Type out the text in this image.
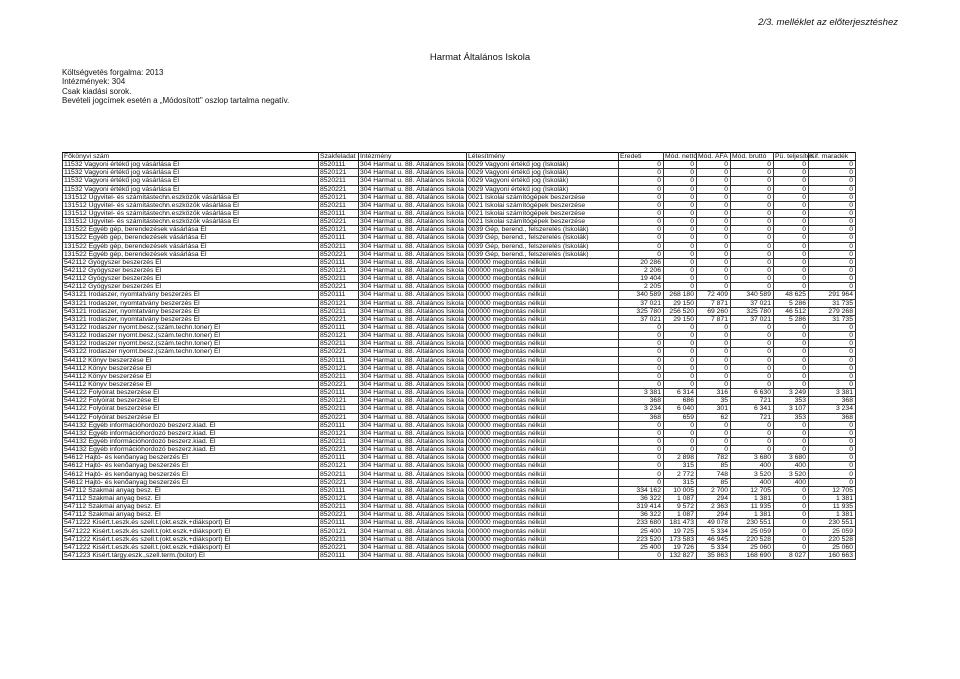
2/3. melléklet az előterjesztéshez
Harmat Általános Iskola
Költségvetés forgalma: 2013
Intézmények: 304
Csak kiadási sorok.
Bevételi jogcímek esetén a „Módosított" oszlop tartalma negatív.
Főkönyvi szám	Szakfeladat	Intézmény	Létesítmény	Eredeti	Mód. nettó	Mód. ÁFA	Mód. bruttó	Pü. teljesítés	Kif. maradék
11532 Vagyoni értékű jog vásárlása El	8520111	304 Harmat u. 88. Általános Iskola	0029 Vagyoni értékű jog (Iskolák)	0	0	0	0	0	0
11532 Vagyoni értékű jog vásárlása El	8520121	304 Harmat u. 88. Általános Iskola	0029 Vagyoni értékű jog (Iskolák)	0	0	0	0	0	0
11532 Vagyoni értékű jog vásárlása El	8520211	304 Harmat u. 88. Általános Iskola	0029 Vagyoni értékű jog (Iskolák)	0	0	0	0	0	0
11532 Vagyoni értékű jog vásárlása El	8520221	304 Harmat u. 88. Általános Iskola	0029 Vagyoni értékű jog (Iskolák)	0	0	0	0	0	0
131512 Ügyvitel- és számítástechn.eszközök vásárlása El	8520121	304 Harmat u. 88. Általános Iskola	0021 Iskolai számítógépek beszerzése	0	0	0	0	0	0
131512 Ügyvitel- és számítástechn.eszközök vásárlása El	8520211	304 Harmat u. 88. Általános Iskola	0021 Iskolai számítógépek beszerzése	0	0	0	0	0	0
131512 Ügyvitel- és számítástechn.eszközök vásárlása El	8520111	304 Harmat u. 88. Általános Iskola	0021 Iskolai számítógépek beszerzése	0	0	0	0	0	0
131512 Ügyvitel- és számítástechn.eszközök vásárlása El	8520221	304 Harmat u. 88. Általános Iskola	0021 Iskolai számítógépek beszerzése	0	0	0	0	0	0
131522 Egyéb gép, berendezések vásárlása El	8520121	304 Harmat u. 88. Általános Iskola	0039 Gép, berend., felszerelés (Iskolák)	0	0	0	0	0	0
131522 Egyéb gép, berendezések vásárlása El	8520111	304 Harmat u. 88. Általános Iskola	0039 Gép, berend., felszerelés (Iskolák)	0	0	0	0	0	0
131522 Egyéb gép, berendezések vásárlása El	8520211	304 Harmat u. 88. Általános Iskola	0039 Gép, berend., felszerelés (Iskolák)	0	0	0	0	0	0
131522 Egyéb gép, berendezések vásárlása El	8520221	304 Harmat u. 88. Általános Iskola	0039 Gép, berend., felszerelés (Iskolák)	0	0	0	0	0	0
542112 Gyógyszer beszerzés El	8520111	304 Harmat u. 88. Általános Iskola	000000 megbontás nélkül	20 286	0	0	0	0	0
542112 Gyógyszer beszerzés El	8520121	304 Harmat u. 88. Általános Iskola	000000 megbontás nélkül	2 206	0	0	0	0	0
542112 Gyógyszer beszerzés El	8520211	304 Harmat u. 88. Általános Iskola	000000 megbontás nélkül	19 404	0	0	0	0	0
542112 Gyógyszer beszerzés El	8520221	304 Harmat u. 88. Általános Iskola	000000 megbontás nélkül	2 205	0	0	0	0	0
543121 Irodaszer, nyomtatvány beszerzés El	8520111	304 Harmat u. 88. Általános Iskola	000000 megbontás nélkül	340 589	268 180	72 409	340 589	48 625	291 964
543121 Irodaszer, nyomtatvány beszerzés El	8520121	304 Harmat u. 88. Általános Iskola	000000 megbontás nélkül	37 021	29 150	7 871	37 021	5 286	31 735
543121 Irodaszer, nyomtatvány beszerzés El	8520211	304 Harmat u. 88. Általános Iskola	000000 megbontás nélkül	325 780	256 520	69 260	325 780	46 512	279 268
543121 Irodaszer, nyomtatvány beszerzés El	8520221	304 Harmat u. 88. Általános Iskola	000000 megbontás nélkül	37 021	29 150	7 871	37 021	5 286	31 735
543122 Irodaszer nyomt.besz.(szám.techn.toner) El	8520111	304 Harmat u. 88. Általános Iskola	000000 megbontás nélkül	0	0	0	0	0	0
543122 Irodaszer nyomt.besz.(szám.techn.toner) El	8520121	304 Harmat u. 88. Általános Iskola	000000 megbontás nélkül	0	0	0	0	0	0
543122 Irodaszer nyomt.besz.(szám.techn.toner) El	8520211	304 Harmat u. 88. Általános Iskola	000000 megbontás nélkül	0	0	0	0	0	0
543122 Irodaszer nyomt.besz.(szám.techn.toner) El	8520221	304 Harmat u. 88. Általános Iskola	000000 megbontás nélkül	0	0	0	0	0	0
544112 Könyv beszerzése El	8520111	304 Harmat u. 88. Általános Iskola	000000 megbontás nélkül	0	0	0	0	0	0
544112 Könyv beszerzése El	8520121	304 Harmat u. 88. Általános Iskola	000000 megbontás nélkül	0	0	0	0	0	0
544112 Könyv beszerzése El	8520211	304 Harmat u. 88. Általános Iskola	000000 megbontás nélkül	0	0	0	0	0	0
544112 Könyv beszerzése El	8520221	304 Harmat u. 88. Általános Iskola	000000 megbontás nélkül	0	0	0	0	0	0
544122 Folyóirat beszerzése El	8520111	304 Harmat u. 88. Általános Iskola	000000 megbontás nélkül	3 381	6 314	316	6 630	3 249	3 381
544122 Folyóirat beszerzése El	8520121	304 Harmat u. 88. Általános Iskola	000000 megbontás nélkül	368	686	35	721	353	368
544122 Folyóirat beszerzése El	8520211	304 Harmat u. 88. Általános Iskola	000000 megbontás nélkül	3 234	6 040	301	6 341	3 107	3 234
544122 Folyóirat beszerzése El	8520221	304 Harmat u. 88. Általános Iskola	000000 megbontás nélkül	368	659	62	721	353	368
544132 Egyéb információhordozó beszerz.kiad. El	8520111	304 Harmat u. 88. Általános Iskola	000000 megbontás nélkül	0	0	0	0	0	0
544132 Egyéb információhordozó beszerz.kiad. El	8520121	304 Harmat u. 88. Általános Iskola	000000 megbontás nélkül	0	0	0	0	0	0
544132 Egyéb információhordozó beszerz.kiad. El	8520211	304 Harmat u. 88. Általános Iskola	000000 megbontás nélkül	0	0	0	0	0	0
544132 Egyéb információhordozó beszerz.kiad. El	8520221	304 Harmat u. 88. Általános Iskola	000000 megbontás nélkül	0	0	0	0	0	0
54612 Hajtó- és kenőanyag beszerzés El	8520111	304 Harmat u. 88. Általános Iskola	000000 megbontás nélkül	0	2 898	782	3 680	3 680	0
54612 Hajtó- és kenőanyag beszerzés El	8520121	304 Harmat u. 88. Általános Iskola	000000 megbontás nélkül	0	315	85	400	400	0
54612 Hajtó- és kenőanyag beszerzés El	8520211	304 Harmat u. 88. Általános Iskola	000000 megbontás nélkül	0	2 772	748	3 520	3 520	0
54612 Hajtó- és kenőanyag beszerzés El	8520221	304 Harmat u. 88. Általános Iskola	000000 megbontás nélkül	0	315	85	400	400	0
547112 Szakmai anyag besz. El	8520111	304 Harmat u. 88. Általános Iskola	000000 megbontás nélkül	334 162	10 005	2 700	12 705	0	12 705
547112 Szakmai anyag besz. El	8520121	304 Harmat u. 88. Általános Iskola	000000 megbontás nélkül	36 322	1 087	294	1 381	0	1 381
547112 Szakmai anyag besz. El	8520211	304 Harmat u. 88. Általános Iskola	000000 megbontás nélkül	319 414	9 572	2 363	11 935	0	11 935
547112 Szakmai anyag besz. El	8520221	304 Harmat u. 88. Általános Iskola	000000 megbontás nélkül	36 322	1 087	294	1 381	0	1 381
5471222 Kisért.t.eszk.és szell.t.(okt.eszk.+diáksport) El	8520111	304 Harmat u. 88. Általános Iskola	000000 megbontás nélkül	233 680	181 473	49 078	230 551	0	230 551
5471222 Kisért.t.eszk.és szell.t.(okt.eszk.+diáksport) El	8520121	304 Harmat u. 88. Általános Iskola	000000 megbontás nélkül	25 400	19 725	5 334	25 059	0	25 059
5471222 Kisért.t.eszk.és szell.t.(okt.eszk.+diáksport) El	8520211	304 Harmat u. 88. Általános Iskola	000000 megbontás nélkül	223 520	173 583	46 945	220 528	0	220 528
5471222 Kisért.t.eszk.és szell.t.(okt.eszk.+diáksport) El	8520221	304 Harmat u. 88. Általános Iskola	000000 megbontás nélkül	25 400	19 726	5 334	25 060	0	25 060
5471223 Kisért.tárgy.eszk.,szell.term.(bútor) El	8520111	304 Harmat u. 88. Általános Iskola	000000 megbontás nélkül	0	132 827	35 863	168 690	8 027	160 663
